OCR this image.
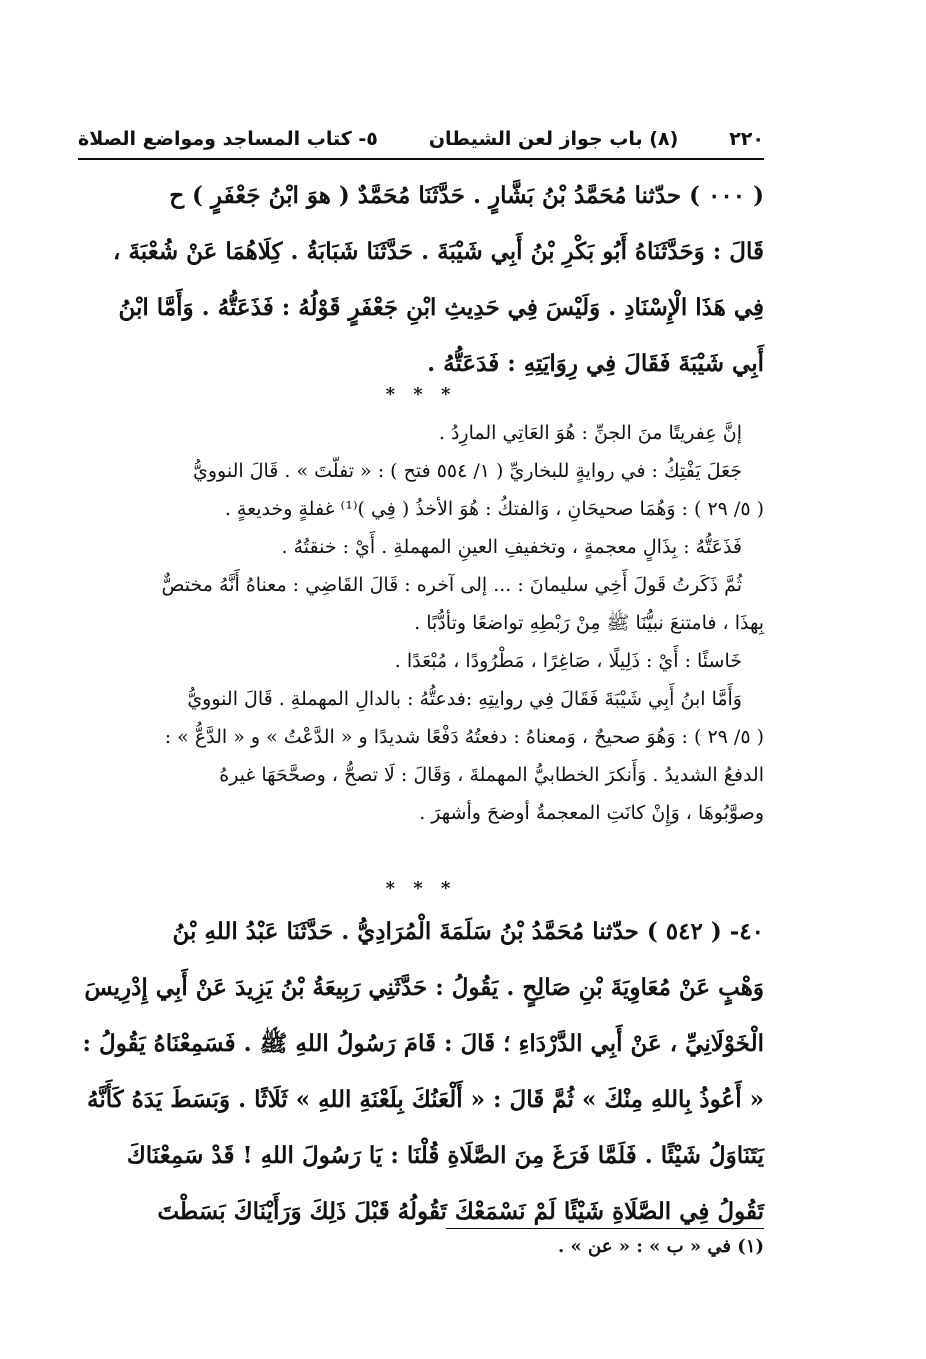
٢٢٠
(٨) باب جواز لعن الشيطان
٥- كتاب المساجد ومواضع الصلاة

( ٠٠٠ ) حدّثنا مُحَمَّدُ بْنُ بَشَّارٍ . حَدَّثَنَا مُحَمَّدٌ ( هوَ ابْنُ جَعْفَرٍ ) ح

قَالَ : وَحَدَّثَنَاهُ أَبُو بَكْرِ بْنُ أَبِي شَيْبَةَ . حَدَّثَنَا شَبَابَةُ . كِلَاهُمَا عَنْ شُعْبَةَ ،

فِي هَذَا الْإِسْنَادِ . وَلَيْسَ فِي حَدِيثِ ابْنِ جَعْفَرٍ قَوْلُهُ : فَذَعَتُّهُ . وَأَمَّا ابْنُ

أَبِي شَيْبَةَ فَقَالَ فِي رِوَايَتِهِ : فَدَعَتُّهُ .

* * *

إنَّ عِفريتًا منَ الجنِّ : هُوَ العَاتِي المارِدُ .

جَعَلَ يَفْتِكُ : في روايةٍ للبخاريِّ ( ١/ ٥٥٤ فتح ) : « تفلّتَ » . قَالَ النوويُّ

( ٥/ ٢٩ ) : وَهُمَا صحيحَانِ ، وَالفتكُ : هُوَ الأخذُ ( فِي )⁽¹⁾ غفلةٍ وخديعةٍ .

فَذَعَتُّهُ : بِذَالٍ معجمةٍ ، وتخفيفِ العينِ المهملةِ . أَيْ : خنقتُهُ .

ثُمَّ ذَكَرتُ قَولَ أَخِي سليمانَ : ... إلى آخره : قَالَ القَاضِي : معناهُ أَنَّهُ مختصٌّ

بِهذَا ، فامتنعَ نبيُّنَا ﷺ مِنْ رَبْطِهِ تواضعًا وتأدُّبًا .

خَاسئًا : أَيْ : ذَلِيلًا ، صَاغِرًا ، مَطْرُودًا ، مُبْعَدًا .

وَأَمَّا ابنُ أَبِي شَيْبَةَ فَقَالَ فِي روايتِهِ :فدعتُّهُ : بالدالِ المهملةِ . قَالَ النوويُّ

( ٥/ ٢٩ ) : وَهُوَ صحيحٌ ، وَمعناهُ : دفعتُهُ دَفْعًا شديدًا و « الدَّعْتُ » و « الدَّعُّ » :

الدفعُ الشديدُ . وَأَنكرَ الخطابيُّ المهملةَ ، وَقَالَ : لَا تصحُّ ، وصحَّحَهَا غيرهُ

وصوَّبُوهَا ، وَإِنْ كانَتِ المعجمةُ أوضحَ وأشهرَ .

* * *

٤٠- ( ٥٤٢ ) حدّثنا مُحَمَّدُ بْنُ سَلَمَةَ الْمُرَادِيُّ . حَدَّثَنَا عَبْدُ اللهِ بْنُ

وَهْبٍ عَنْ مُعَاوِيَةَ بْنِ صَالِحٍ . يَقُولُ : حَدَّثَنِي رَبِيعَةُ بْنُ يَزِيدَ عَنْ أَبِي إِدْرِيسَ

الْخَوْلَانِيِّ ، عَنْ أَبِي الدَّرْدَاءِ ؛ قَالَ : قَامَ رَسُولُ اللهِ ﷺ . فَسَمِعْنَاهُ يَقُولُ :

« أَعُوذُ بِاللهِ مِنْكَ » ثُمَّ قَالَ : « أَلْعَنُكَ بِلَعْنَةِ اللهِ » ثَلَاثًا . وَبَسَطَ يَدَهُ كَأَنَّهُ

يَتَنَاوَلُ شَيْئًا . فَلَمَّا فَرَغَ مِنَ الصَّلَاةِ قُلْنَا : يَا رَسُولَ اللهِ ! قَدْ سَمِعْنَاكَ

تَقُولُ فِي الصَّلَاةِ شَيْئًا لَمْ نَسْمَعْكَ تَقُولُهُ قَبْلَ ذَلِكَ وَرَأَيْنَاكَ بَسَطْتَ

(١) في « ب » : « عن » .
